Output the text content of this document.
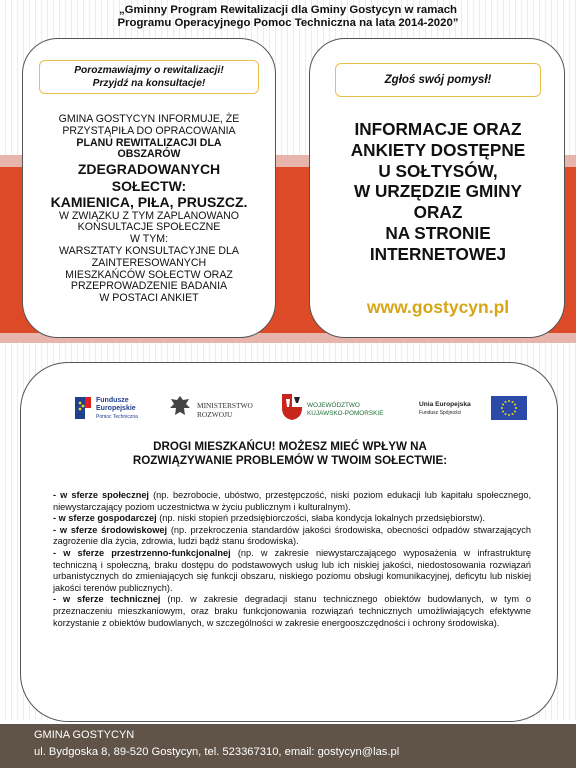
„Gminny Program Rewitalizacji dla Gminy Gostycyn w ramach
Programu Operacyjnego Pomoc Techniczna na lata 2014-2020”
Porozmawiajmy o rewitalizacji!
Przyjdź na konsultacje!
GMINA GOSTYCYN INFORMUJE, ŻE
PRZYSTĄPIŁA DO OPRACOWANIA
PLANU REWITALIZACJI DLA
OBSZARÓW
ZDEGRADOWANYCH
SOŁECTW:
KAMIENICA, PIŁA, PRUSZCZ.
W ZWIĄZKU Z TYM ZAPLANOWANO
KONSULTACJE SPOŁECZNE
W TYM:
WARSZTATY KONSULTACYJNE DLA
ZAINTERESOWANYCH
MIESZKAŃCÓW SOŁECTW ORAZ
PRZEPROWADZENIE BADANIA
W POSTACI ANKIET
Zgłoś swój pomysł!
INFORMACJE ORAZ
ANKIETY DOSTĘPNE
U SOŁTYSÓW,
W URZĘDZIE GMINY
ORAZ
NA STRONIE
INTERNETOWEJ
www.gostycyn.pl
Fundusze
Europejskie
Pomoc Techniczna
MINISTERSTWO
ROZWOJU
WOJEWÓDZTWO
KUJAWSKO-POMORSKIE
Unia Europejska
Fundusz Spójności
DROGI MIESZKAŃCU! MOŻESZ MIEĆ WPŁYW NA
ROZWIĄZYWANIE PROBLEMÓW W TWOIM SOŁECTWIE:

- w sferze społecznej (np. bezrobocie, ubóstwo, przestępczość, niski poziom edukacji lub kapitału społecznego, niewystarczający poziom uczestnictwa w życiu publicznym i kulturalnym).

- w sferze gospodarczej (np. niski stopień przedsiębiorczości, słaba kondycja lokalnych przedsiębiorstw).

- w sferze środowiskowej (np. przekroczenia standardów jakości środowiska, obecności odpadów stwarzających zagrożenie dla życia, zdrowia, ludzi bądź stanu środowiska).

- w sferze przestrzenno-funkcjonalnej (np. w zakresie niewystarczającego wyposażenia w infrastrukturę techniczną i społeczną, braku dostępu do podstawowych usług lub ich niskiej jakości, niedostosowania rozwiązań urbanistycznych do zmieniających się funkcji obszaru, niskiego poziomu obsługi komunikacyjnej, deficytu lub niskiej jakości terenów publicznych).

- w sferze technicznej (np. w zakresie degradacji stanu technicznego obiektów budowlanych, w tym o przeznaczeniu mieszkaniowym, oraz braku funkcjonowania rozwiązań technicznych umożliwiających efektywne korzystanie z obiektów budowlanych, w szczególności w zakresie energooszczędności i ochrony środowiska).

GMINA GOSTYCYN
ul. Bydgoska 8, 89-520 Gostycyn, tel. 523367310, email: gostycyn@las.pl
